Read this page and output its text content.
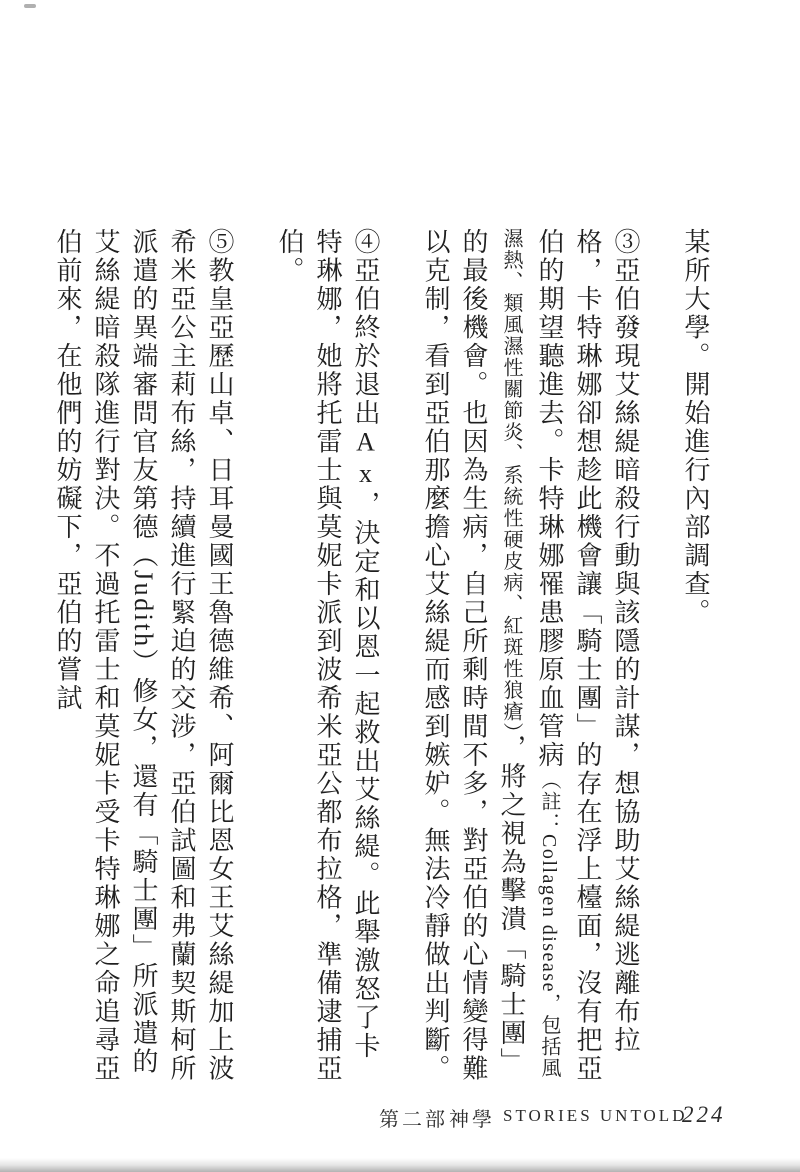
某所大學。開始進行內部調查。

③亞伯發現艾絲緹暗殺行動與該隱的計謀，想協助艾絲緹逃離布拉格，卡特琳娜卻想趁此機會讓「騎士團」的存在浮上檯面，沒有把亞伯的期望聽進去。卡特琳娜罹患膠原血管病（註：Collagen disease，包括風濕熱、類風濕性關節炎、系統性硬皮病、紅斑性狼瘡），將之視為擊潰「騎士團」的最後機會。也因為生病，自己所剩時間不多，對亞伯的心情變得難以克制，看到亞伯那麼擔心艾絲緹而感到嫉妒。無法冷靜做出判斷。

④亞伯終於退出Ax，決定和以恩一起救出艾絲緹。此舉激怒了卡特琳娜，她將托雷士與莫妮卡派到波希米亞公都布拉格，準備逮捕亞伯。

⑤教皇亞歷山卓、日耳曼國王魯德維希、阿爾比恩女王艾絲緹加上波希米亞公主莉布絲，持續進行緊迫的交涉，亞伯試圖和弗蘭契斯柯所派遣的異端審問官友第德（Judith）修女，還有「騎士團」所派遣的艾絲緹暗殺隊進行對決。不過托雷士和莫妮卡受卡特琳娜之命追尋亞伯前來，在他們的妨礙下，亞伯的嘗試

第二部 神學 STORIES UNTOLD
224
